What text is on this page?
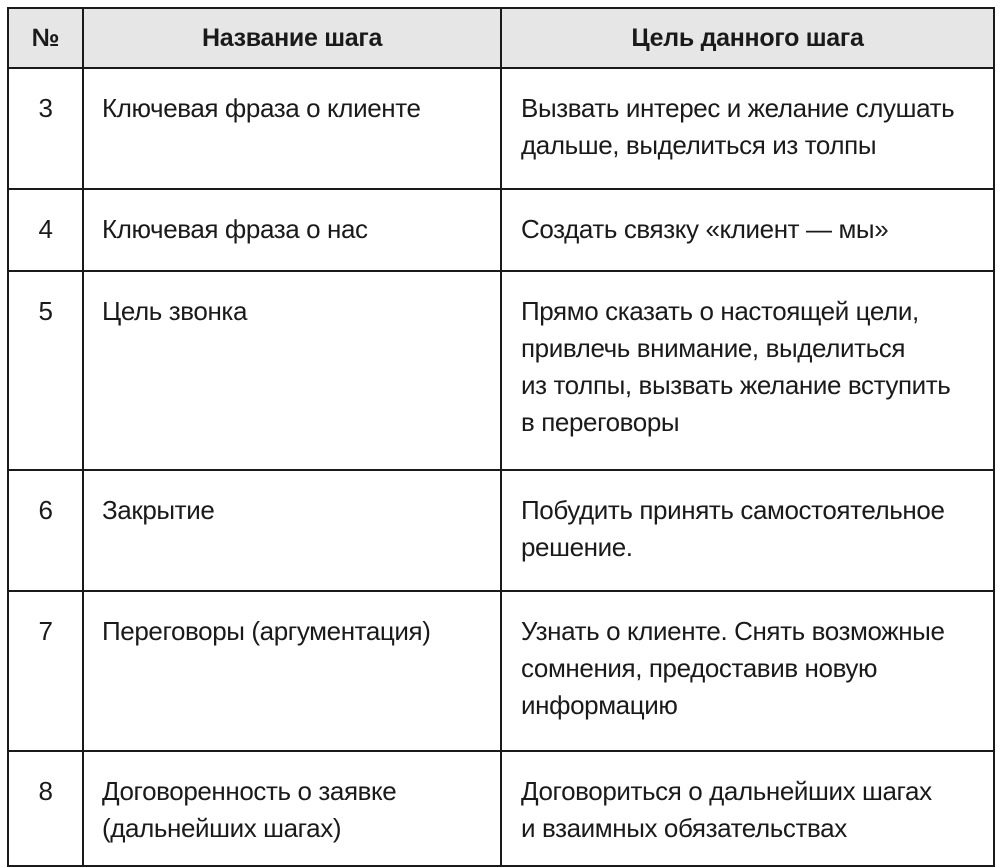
№	Название шага	Цель данного шага
3	Ключевая фраза о клиенте	Вызвать интерес и желание слушать
дальше, выделиться из толпы
4	Ключевая фраза о нас	Создать связку «клиент — мы»
5	Цель звонка	Прямо сказать о настоящей цели,
привлечь внимание, выделиться
из толпы, вызвать желание вступить
в переговоры
6	Закрытие	Побудить принять самостоятельное
решение.
7	Переговоры (аргументация)	Узнать о клиенте. Снять возможные
сомнения, предоставив новую
информацию
8	Договоренность о заявке
(дальнейших шагах)	Договориться о дальнейших шагах
и взаимных обязательствах
